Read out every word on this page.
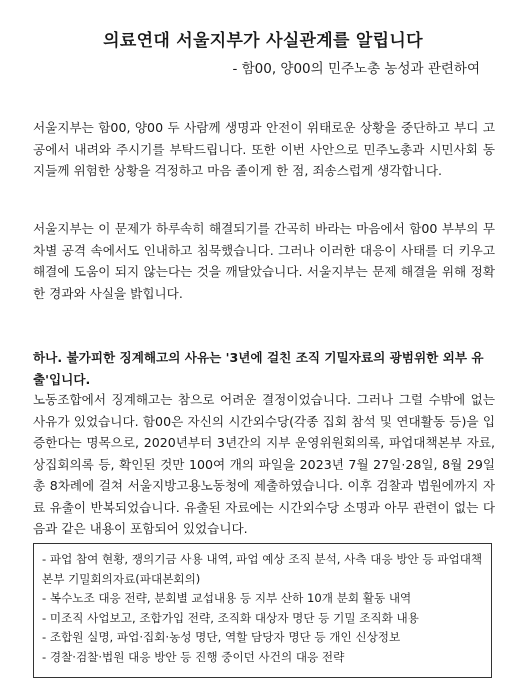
의료연대 서울지부가 사실관계를 알립니다
- 함00, 양00의 민주노총 농성과 관련하여

서울지부는 함00, 양00 두 사람께 생명과 안전이 위태로운 상황을 중단하고 부디 고공에서 내려와 주시기를 부탁드립니다. 또한 이번 사안으로 민주노총과 시민사회 동지들께 위험한 상황을 걱정하고 마음 졸이게 한 점, 죄송스럽게 생각합니다.

서울지부는 이 문제가 하루속히 해결되기를 간곡히 바라는 마음에서 함00 부부의 무차별 공격 속에서도 인내하고 침묵했습니다. 그러나 이러한 대응이 사태를 더 키우고 해결에 도움이 되지 않는다는 것을 깨달았습니다. 서울지부는 문제 해결을 위해 정확한 경과와 사실을 밝힙니다.

하나. 불가피한 징계해고의 사유는 '3년에 걸친 조직 기밀자료의 광범위한 외부 유출'입니다.

노동조합에서 징계해고는 참으로 어려운 결정이었습니다. 그러나 그럴 수밖에 없는 사유가 있었습니다. 함00은 자신의 시간외수당(각종 집회 참석 및 연대활동 등)을 입증한다는 명목으로, 2020년부터 3년간의 지부 운영위원회의록, 파업대책본부 자료, 상집회의록 등, 확인된 것만 100여 개의 파일을 2023년 7월 27일·28일, 8월 29일 총 8차례에 걸쳐 서울지방고용노동청에 제출하였습니다. 이후 검찰과 법원에까지 자료 유출이 반복되었습니다. 유출된 자료에는 시간외수당 소명과 아무 관련이 없는 다음과 같은 내용이 포함되어 있었습니다.

- 파업 참여 현황, 쟁의기금 사용 내역, 파업 예상 조직 분석, 사측 대응 방안 등 파업대책본부 기밀회의자료(파대본회의)
- 복수노조 대응 전략, 분회별 교섭내용 등 지부 산하 10개 분회 활동 내역
- 미조직 사업보고, 조합가입 전략, 조직화 대상자 명단 등 기밀 조직화 내용
- 조합원 실명, 파업·집회·농성 명단, 역할 담당자 명단 등 개인 신상정보
- 경찰·검찰·법원 대응 방안 등 진행 중이던 사건의 대응 전략
